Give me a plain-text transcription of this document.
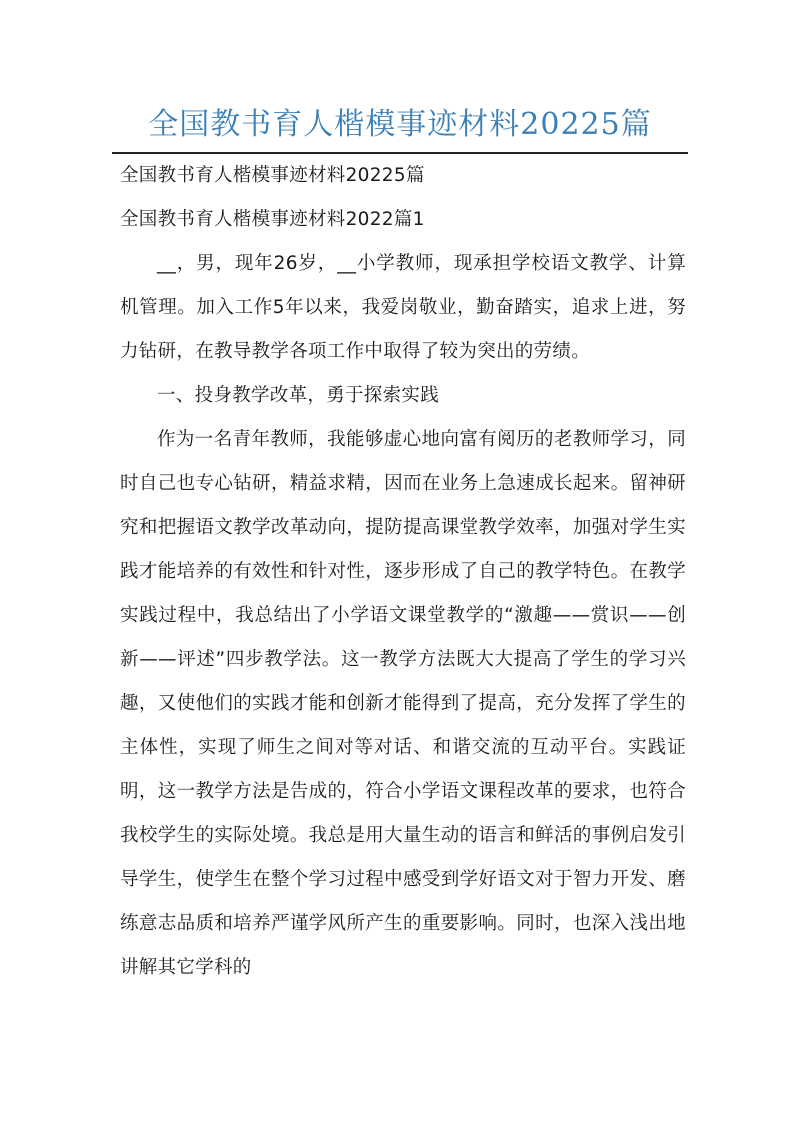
全国教书育人楷模事迹材料20225篇

全国教书育人楷模事迹材料20225篇

全国教书育人楷模事迹材料2022篇1

__，男，现年26岁，__小学教师，现承担学校语文教学、计算机管理。加入工作5年以来，我爱岗敬业，勤奋踏实，追求上进，努力钻研，在教导教学各项工作中取得了较为突出的劳绩。

一、投身教学改革，勇于探索实践

作为一名青年教师，我能够虚心地向富有阅历的老教师学习，同时自己也专心钻研，精益求精，因而在业务上急速成长起来。留神研究和把握语文教学改革动向，提防提高课堂教学效率，加强对学生实践才能培养的有效性和针对性，逐步形成了自己的教学特色。在教学实践过程中，我总结出了小学语文课堂教学的“激趣——赏识——创新——评述”四步教学法。这一教学方法既大大提高了学生的学习兴趣，又使他们的实践才能和创新才能得到了提高，充分发挥了学生的主体性，实现了师生之间对等对话、和谐交流的互动平台。实践证明，这一教学方法是告成的，符合小学语文课程改革的要求，也符合我校学生的实际处境。我总是用大量生动的语言和鲜活的事例启发引导学生，使学生在整个学习过程中感受到学好语文对于智力开发、磨练意志品质和培养严谨学风所产生的重要影响。同时，也深入浅出地讲解其它学科的
